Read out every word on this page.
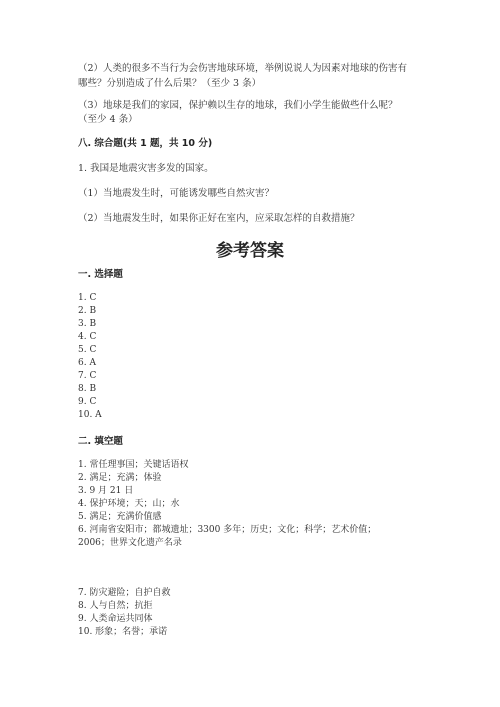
（2）人类的很多不当行为会伤害地球环境，举例说说人为因素对地球的伤害有
哪些？分别造成了什么后果？（至少 3 条）
（3）地球是我们的家园，保护赖以生存的地球，我们小学生能做些什么呢？
（至少 4 条）
八. 综合题(共 1 题，共 10 分)
1. 我国是地震灾害多发的国家。
（1）当地震发生时，可能诱发哪些自然灾害？
（2）当地震发生时，如果你正好在室内，应采取怎样的自救措施？
参考答案
一. 选择题
1. C
2. B
3. B
4. C
5. C
6. A
7. C
8. B
9. C
10. A
二. 填空题
1. 常任理事国；关键话语权
2. 满足；充满；体验
3. 9 月 21 日
4. 保护环境；天；山；水
5. 满足；充满价值感
6. 河南省安阳市；都城遗址；3300 多年；历史；文化；科学；艺术价值；
2006；世界文化遗产名录
7. 防灾避险；自护自救
8. 人与自然；抗拒
9. 人类命运共同体
10. 形象；名誉；承诺
